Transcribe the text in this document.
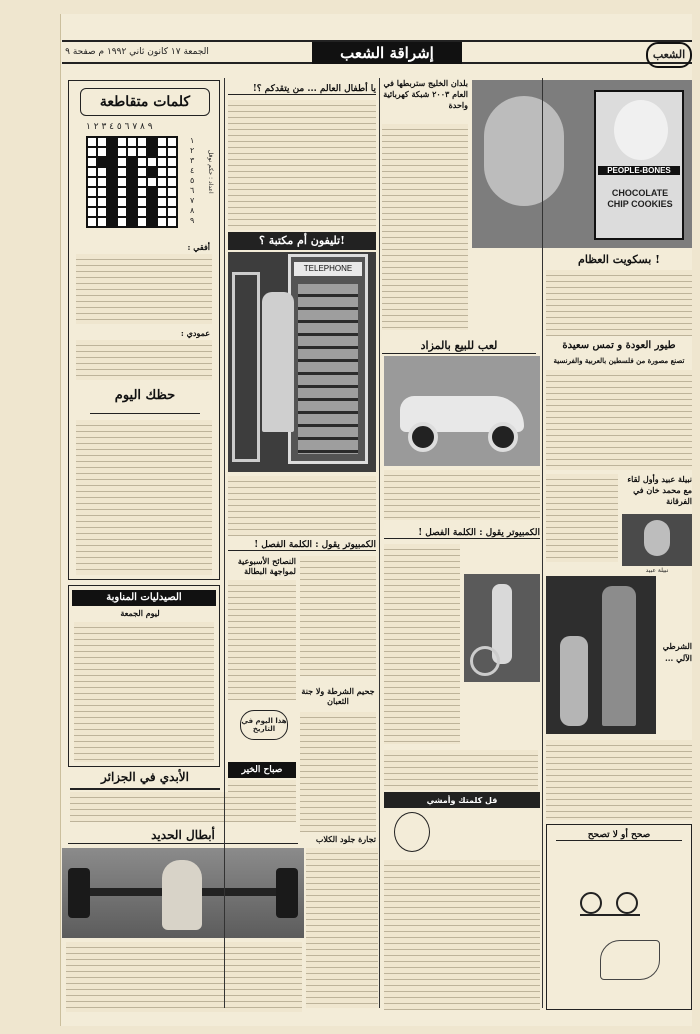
الجمعة ١٧ كانون ثاني ١٩٩٢ م صفحة ٩	إشراقة الشعب	الشعب
كلمات متقاطعة
٩ ٨ ٧ ٦ ٥ ٤ ٣ ٢ ١
١
٢
٣
٤
٥
٦
٧
٨
٩
اعداد : حكم نوفل
أفقي :
عمودي :
حظك اليوم
الصيدليات المناوبة
ليوم الجمعة
الأبدي في الجزائر
أبطال الحديد
يا أطفال العالم ... من يتقدكم ؟!
تليفون أم مكتبة ؟!
TELEPHONE
الكمبيوتر يقول : الكلمة الفصل !
النصائح الأسبوعية لمواجهة البطالة
هذا اليوم في التاريخ
صباح الخير
جحيم الشرطة ولا جنة الثعبان
تجارة جلود الكلاب
بلدان الخليج ستربطها في العام ٢٠٠٣ شبكة كهربائية واحدة
لعب للبيع بالمزاد
الكمبيوتر يقول : الكلمة الفصل !
قل كلمتك وأمشي
PEOPLE-BONES
CHOCOLATE CHIP COOKIES
بسكويت العظام !
طيور العودة و تمس سعيدة
تصنع مصورة من فلسطين بالعربية والفرنسية
نبيلة عبيد وأول لقاء مع محمد خان في الفرقانة
نبيلة عبيد
الشرطي الآلي ...
صحح أو لا تصحح
